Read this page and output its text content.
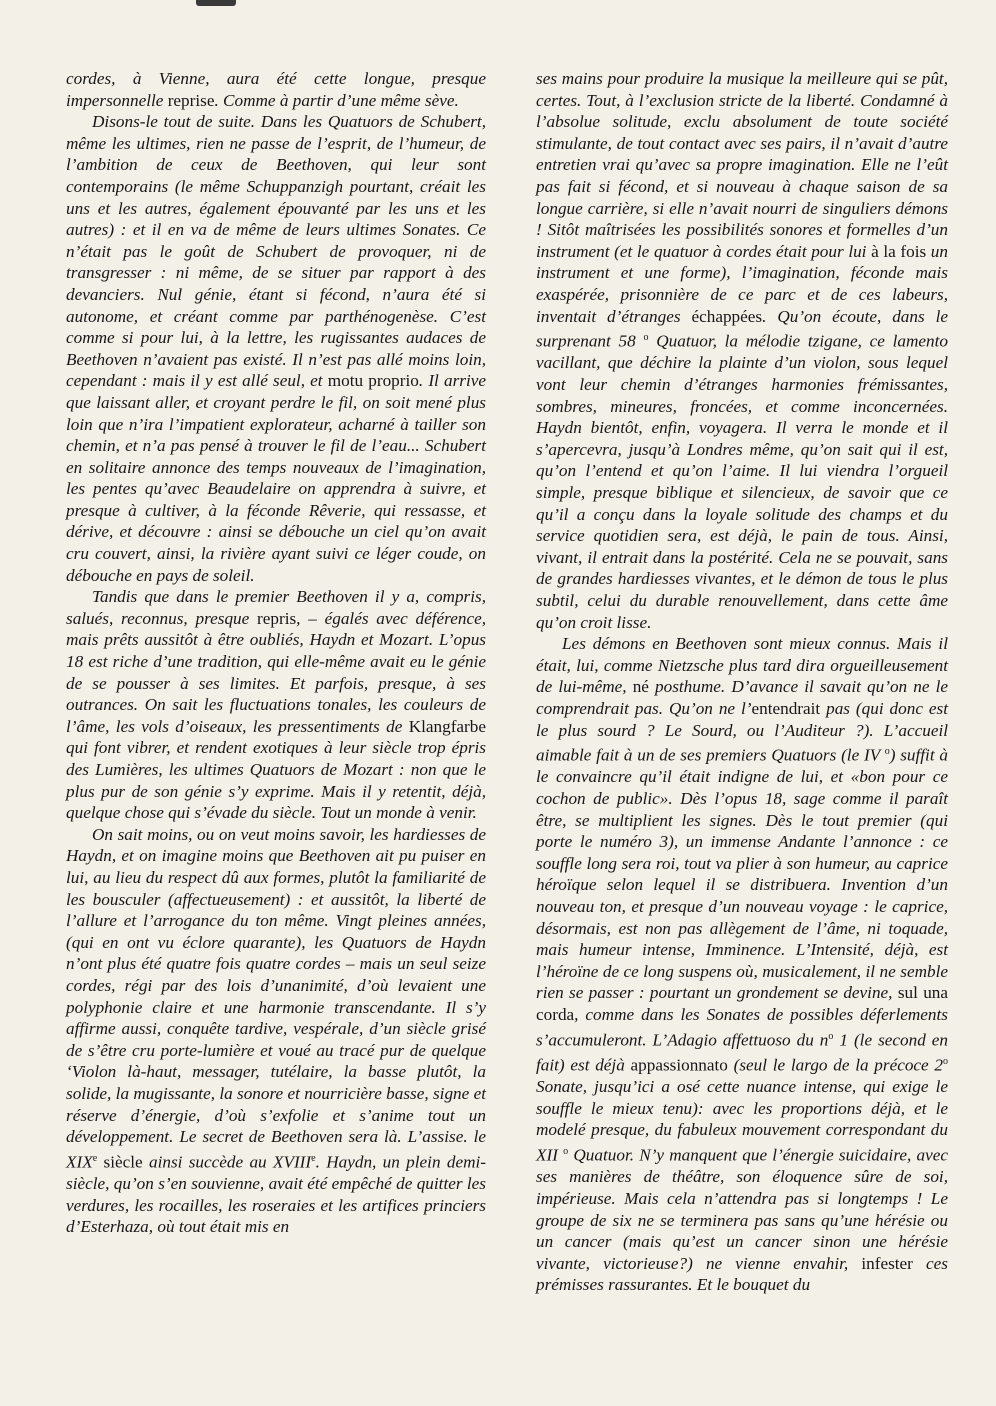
cordes, à Vienne, aura été cette longue, presque impersonnelle reprise. Comme à partir d’une même sève.

Disons-le tout de suite. Dans les Quatuors de Schubert, même les ultimes, rien ne passe de l’esprit, de l’humeur, de l’ambition de ceux de Beethoven, qui leur sont contemporains (le même Schuppanzigh pourtant, créait les uns et les autres, également épouvanté par les uns et les autres) : et il en va de même de leurs ultimes Sonates. Ce n’était pas le goût de Schubert de provoquer, ni de transgresser : ni même, de se situer par rapport à des devanciers. Nul génie, étant si fécond, n’aura été si autonome, et créant comme par parthénogenèse. C’est comme si pour lui, à la lettre, les rugissantes audaces de Beethoven n’avaient pas existé. Il n’est pas allé moins loin, cependant : mais il y est allé seul, et motu proprio. Il arrive que laissant aller, et croyant perdre le fil, on soit mené plus loin que n’ira l’impatient explorateur, acharné à tailler son chemin, et n’a pas pensé à trouver le fil de l’eau... Schubert en solitaire annonce des temps nouveaux de l’imagination, les pentes qu’avec Beaudelaire on apprendra à suivre, et presque à cultiver, à la féconde Rêverie, qui ressasse, et dérive, et découvre : ainsi se débouche un ciel qu’on avait cru couvert, ainsi, la rivière ayant suivi ce léger coude, on débouche en pays de soleil.

Tandis que dans le premier Beethoven il y a, compris, salués, reconnus, presque repris, – égalés avec déférence, mais prêts aussitôt à être oubliés, Haydn et Mozart. L’opus 18 est riche d’une tradition, qui elle-même avait eu le génie de se pousser à ses limites. Et parfois, presque, à ses outrances. On sait les fluctuations tonales, les couleurs de l’âme, les vols d’oiseaux, les pressentiments de Klangfarbe qui font vibrer, et rendent exotiques à leur siècle trop épris des Lumières, les ultimes Quatuors de Mozart : non que le plus pur de son génie s’y exprime. Mais il y retentit, déjà, quelque chose qui s’évade du siècle. Tout un monde à venir.

On sait moins, ou on veut moins savoir, les hardiesses de Haydn, et on imagine moins que Beethoven ait pu puiser en lui, au lieu du respect dû aux formes, plutôt la familiarité de les bousculer (affectueusement) : et aussitôt, la liberté de l’allure et l’arrogance du ton même. Vingt pleines années, (qui en ont vu éclore quarante), les Quatuors de Haydn n’ont plus été quatre fois quatre cordes – mais un seul seize cordes, régi par des lois d’unanimité, d’où levaient une polyphonie claire et une harmonie transcendante. Il s’y affirme aussi, conquête tardive, vespérale, d’un siècle grisé de s’être cru porte-lumière et voué au tracé pur de quelque ‘Violon là-haut, messager, tutélaire, la basse plutôt, la solide, la mugissante, la sonore et nourricière basse, signe et réserve d’énergie, d’où s’exfolie et s’anime tout un développement. Le secret de Beethoven sera là. L’assise. le XIXe siècle ainsi succède au XVIIIe. Haydn, un plein demi-siècle, qu’on s’en souvienne, avait été empêché de quitter les verdures, les rocailles, les roseraies et les artifices princiers d’Esterhaza, où tout était mis en

ses mains pour produire la musique la meilleure qui se pût, certes. Tout, à l’exclusion stricte de la liberté. Condamné à l’absolue solitude, exclu absolument de toute société stimulante, de tout contact avec ses pairs, il n’avait d’autre entretien vrai qu’avec sa propre imagination. Elle ne l’eût pas fait si fécond, et si nouveau à chaque saison de sa longue carrière, si elle n’avait nourri de singuliers démons ! Sitôt maîtrisées les possibilités sonores et formelles d’un instrument (et le quatuor à cordes était pour lui à la fois un instrument et une forme), l’imagination, féconde mais exaspérée, prisonnière de ce parc et de ces labeurs, inventait d’étranges échappées. Qu’on écoute, dans le surprenant 58 $^o$ Quatuor, la mélodie tzigane, ce lamento vacillant, que déchire la plainte d’un violon, sous lequel vont leur chemin d’étranges harmonies frémissantes, sombres, mineures, froncées, et comme inconcernées. Haydn bientôt, enfin, voyagera. Il verra le monde et il s’apercevra, jusqu’à Londres même, qu’on sait qui il est, qu’on l’entend et qu’on l’aime. Il lui viendra l’orgueil simple, presque biblique et silencieux, de savoir que ce qu’il a conçu dans la loyale solitude des champs et du service quotidien sera, est déjà, le pain de tous. Ainsi, vivant, il entrait dans la postérité. Cela ne se pouvait, sans de grandes hardiesses vivantes, et le démon de tous le plus subtil, celui du durable renouvellement, dans cette âme qu’on croit lisse.

Les démons en Beethoven sont mieux connus. Mais il était, lui, comme Nietzsche plus tard dira orgueilleusement de lui-même, né posthume. D’avance il savait qu’on ne le comprendrait pas. Qu’on ne l’entendrait pas (qui donc est le plus sourd ? Le Sourd, ou l’Auditeur ?). L’accueil aimable fait à un de ses premiers Quatuors (le IV $^o$) suffit à le convaincre qu’il était indigne de lui, et «bon pour ce cochon de public». Dès l’opus 18, sage comme il paraît être, se multiplient les signes. Dès le tout premier (qui porte le numéro 3), un immense Andante l’annonce : ce souffle long sera roi, tout va plier à son humeur, au caprice héroïque selon lequel il se distribuera. Invention d’un nouveau ton, et presque d’un nouveau voyage : le caprice, désormais, est non pas allègement de l’âme, ni toquade, mais humeur intense, Imminence. L’Intensité, déjà, est l’héroïne de ce long suspens où, musicalement, il ne semble rien se passer : pourtant un grondement se devine, sul una corda, comme dans les Sonates de possibles déferlements s’accumuleront. L’Adagio affettuoso du $n^o$ 1 (le second en fait) est déjà appassionnato (seul le largo de la précoce 2$^o$ Sonate, jusqu’ici a osé cette nuance intense, qui exige le souffle le mieux tenu): avec les proportions déjà, et le modelé presque, du fabuleux mouvement correspondant du XII $^o$ Quatuor. N’y manquent que l’énergie suicidaire, avec ses manières de théâtre, son éloquence sûre de soi, impérieuse. Mais cela n’attendra pas si longtemps ! Le groupe de six ne se terminera pas sans qu’une hérésie ou un cancer (mais qu’est un cancer sinon une hérésie vivante, victorieuse?) ne vienne envahir, infester ces prémisses rassurantes. Et le bouquet du
